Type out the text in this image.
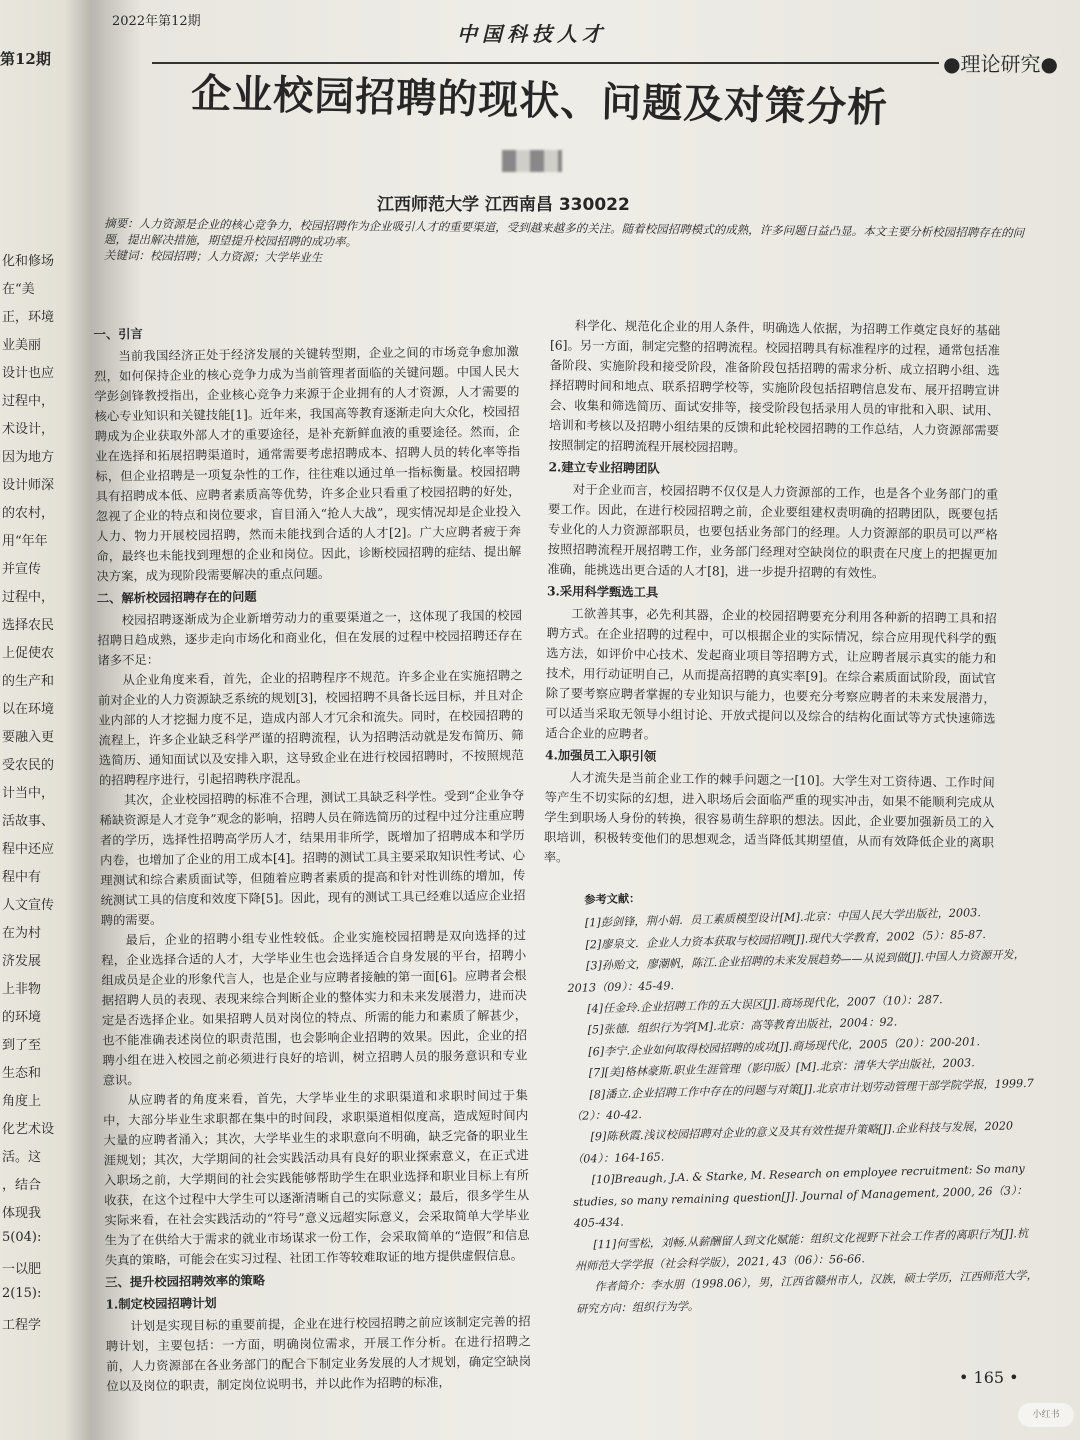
第12期
化和修场
在“美
正，环境
业美丽
设计也应
过程中，
术设计，
因为地方
设计师深
的农村，
用“年年
并宣传
过程中，
选择农民
上促使农
的生产和
以在环境
要融入更
受农民的
计当中，
活故事、
程中还应
程中有
人文宣传
在为村
济发展
上非物
的环境
到了至
生态和
角度上
化艺术设
活。这
，结合
体现我
5(04):
一以肥
2(15):
工程学
2022年第12期
中国科技人才
●理论研究●
企业校园招聘的现状、问题及对策分析
江西师范大学 江西南昌 330022
摘要：人力资源是企业的核心竞争力，校园招聘作为企业吸引人才的重要渠道，受到越来越多的关注。随着校园招聘模式的成熟，许多问题日益凸显。本文主要分析校园招聘存在的问题，提出解决措施，期望提升校园招聘的成功率。
关键词：校园招聘；人力资源；大学毕业生
一、引言

当前我国经济正处于经济发展的关键转型期，企业之间的市场竞争愈加激烈，如何保持企业的核心竞争力成为当前管理者面临的关键问题。中国人民大学彭剑锋教授指出，企业核心竞争力来源于企业拥有的人才资源，人才需要的核心专业知识和关键技能[1]。近年来，我国高等教育逐渐走向大众化，校园招聘成为企业获取外部人才的重要途径，是补充新鲜血液的重要途径。然而，企业在选择和拓展招聘渠道时，通常需要考虑招聘成本、招聘人员的转化率等指标，但企业招聘是一项复杂性的工作，往往难以通过单一指标衡量。校园招聘具有招聘成本低、应聘者素质高等优势，许多企业只看重了校园招聘的好处，忽视了企业的特点和岗位要求，盲目涌入“抢人大战”，现实情况却是企业投入人力、物力开展校园招聘，然而未能找到合适的人才[2]。广大应聘者疲于奔命，最终也未能找到理想的企业和岗位。因此，诊断校园招聘的症结、提出解决方案，成为现阶段需要解决的重点问题。

二、解析校园招聘存在的问题

校园招聘逐渐成为企业新增劳动力的重要渠道之一，这体现了我国的校园招聘日趋成熟，逐步走向市场化和商业化，但在发展的过程中校园招聘还存在诸多不足：

从企业角度来看，首先，企业的招聘程序不规范。许多企业在实施招聘之前对企业的人力资源缺乏系统的规划[3]，校园招聘不具备长远目标，并且对企业内部的人才挖掘力度不足，造成内部人才冗余和流失。同时，在校园招聘的流程上，许多企业缺乏科学严谨的招聘流程，认为招聘活动就是发布简历、筛选简历、通知面试以及安排入职，这导致企业在进行校园招聘时，不按照规范的招聘程序进行，引起招聘秩序混乱。

其次，企业校园招聘的标准不合理，测试工具缺乏科学性。受到“企业争夺稀缺资源是人才竞争”观念的影响，招聘人员在筛选简历的过程中过分注重应聘者的学历，选择性招聘高学历人才，结果用非所学，既增加了招聘成本和学历内卷，也增加了企业的用工成本[4]。招聘的测试工具主要采取知识性考试、心理测试和综合素质面试等，但随着应聘者素质的提高和针对性训练的增加，传统测试工具的信度和效度下降[5]。因此，现有的测试工具已经难以适应企业招聘的需要。

最后，企业的招聘小组专业性较低。企业实施校园招聘是双向选择的过程，企业选择合适的人才，大学毕业生也会选择适合自身发展的平台，招聘小组成员是企业的形象代言人，也是企业与应聘者接触的第一面[6]。应聘者会根据招聘人员的表现、表现来综合判断企业的整体实力和未来发展潜力，进而决定是否选择企业。如果招聘人员对岗位的特点、所需的能力和素质了解甚少，也不能准确表述岗位的职责范围，也会影响企业招聘的效果。因此，企业的招聘小组在进入校园之前必须进行良好的培训，树立招聘人员的服务意识和专业意识。

从应聘者的角度来看，首先，大学毕业生的求职渠道和求职时间过于集中，大部分毕业生求职都在集中的时间段，求职渠道相似度高，造成短时间内大量的应聘者涌入；其次，大学毕业生的求职意向不明确，缺乏完备的职业生涯规划；其次，大学期间的社会实践活动具有良好的职业探索意义，在正式进入职场之前，大学期间的社会实践能够帮助学生在职业选择和职业目标上有所收获，在这个过程中大学生可以逐渐清晰自己的实际意义；最后，很多学生从实际来看，在社会实践活动的“符号”意义远超实际意义，会采取简单大学毕业生为了在供给大于需求的就业市场谋求一份工作，会采取简单的“造假”和信息失真的策略，可能会在实习过程、社团工作等较难取证的地方提供虚假信息。

三、提升校园招聘效率的策略
1.制定校园招聘计划

计划是实现目标的重要前提，企业在进行校园招聘之前应该制定完善的招聘计划，主要包括：一方面，明确岗位需求，开展工作分析。在进行招聘之前，人力资源部在各业务部门的配合下制定业务发展的人才规划，确定空缺岗位以及岗位的职责，制定岗位说明书，并以此作为招聘的标准，

科学化、规范化企业的用人条件，明确选人依据，为招聘工作奠定良好的基础[6]。另一方面，制定完整的招聘流程。校园招聘具有标准程序的过程，通常包括准备阶段、实施阶段和接受阶段，准备阶段包括招聘的需求分析、成立招聘小组、选择招聘时间和地点、联系招聘学校等，实施阶段包括招聘信息发布、展开招聘宣讲会、收集和筛选简历、面试安排等，接受阶段包括录用人员的审批和入职、试用、培训和考核以及招聘小组结果的反馈和此轮校园招聘的工作总结，人力资源部需要按照制定的招聘流程开展校园招聘。

2.建立专业招聘团队

对于企业而言，校园招聘不仅仅是人力资源部的工作，也是各个业务部门的重要工作。因此，在进行校园招聘之前，企业要组建权责明确的招聘团队，既要包括专业化的人力资源部职员，也要包括业务部门的经理。人力资源部的职员可以严格按照招聘流程开展招聘工作，业务部门经理对空缺岗位的职责在尺度上的把握更加准确，能挑选出更合适的人才[8]，进一步提升招聘的有效性。

3.采用科学甄选工具

工欲善其事，必先利其器，企业的校园招聘要充分利用各种新的招聘工具和招聘方式。在企业招聘的过程中，可以根据企业的实际情况，综合应用现代科学的甄选方法，如评价中心技术、发起商业项目等招聘方式，让应聘者展示真实的能力和技术，用行动证明自己，从而提高招聘的真实率[9]。在综合素质面试阶段，面试官除了要考察应聘者掌握的专业知识与能力，也要充分考察应聘者的未来发展潜力，可以适当采取无领导小组讨论、开放式提问以及综合的结构化面试等方式快速筛选适合企业的应聘者。

4.加强员工入职引领

人才流失是当前企业工作的棘手问题之一[10]。大学生对工资待遇、工作时间等产生不切实际的幻想，进入职场后会面临严重的现实冲击，如果不能顺利完成从学生到职场人身份的转换，很容易萌生辞职的想法。因此，企业要加强新员工的入职培训，积极转变他们的思想观念，适当降低其期望值，从而有效降低企业的离职率。

参考文献：
[1]彭剑锋，荆小娟．员工素质模型设计[M].北京：中国人民大学出版社，2003.
[2]廖泉文．企业人力资本获取与校园招聘[J].现代大学教育，2002（5）：85-87.
[3]孙贻文，廖潮帆，陈江.企业招聘的未来发展趋势——从说到做[J].中国人力资源开发，2013（09）：45-49.
[4]任金玲.企业招聘工作的五大误区[J].商场现代化，2007（10）：287.
[5]张德．组织行为学[M].北京：高等教育出版社，2004：92.
[6]李宁.企业如何取得校园招聘的成功[J].商场现代化，2005（20）：200-201.
[7][美]格林豪斯.职业生涯管理（影印版）[M].北京：清华大学出版社，2003.
[8]潘立.企业招聘工作中存在的问题与对策[J].北京市计划劳动管理干部学院学报，1999.7（2）：40-42.
[9]陈秋霞.浅议校园招聘对企业的意义及其有效性提升策略[J].企业科技与发展，2020（04）：164-165.
[10]Breaugh, J.A. & Starke, M. Research on employee recruitment: So many studies, so many remaining question[J]. Journal of Management, 2000, 26（3）：405-434.
[11]何雪松，刘畅.从薪酬留人到文化赋能：组织文化视野下社会工作者的离职行为[J].杭州师范大学学报（社会科学版），2021, 43（06）：56-66.
作者简介：李水朋（1998.06），男，江西省赣州市人，汉族，硕士学历，江西师范大学，研究方向：组织行为学。
• 165 •
小红书
